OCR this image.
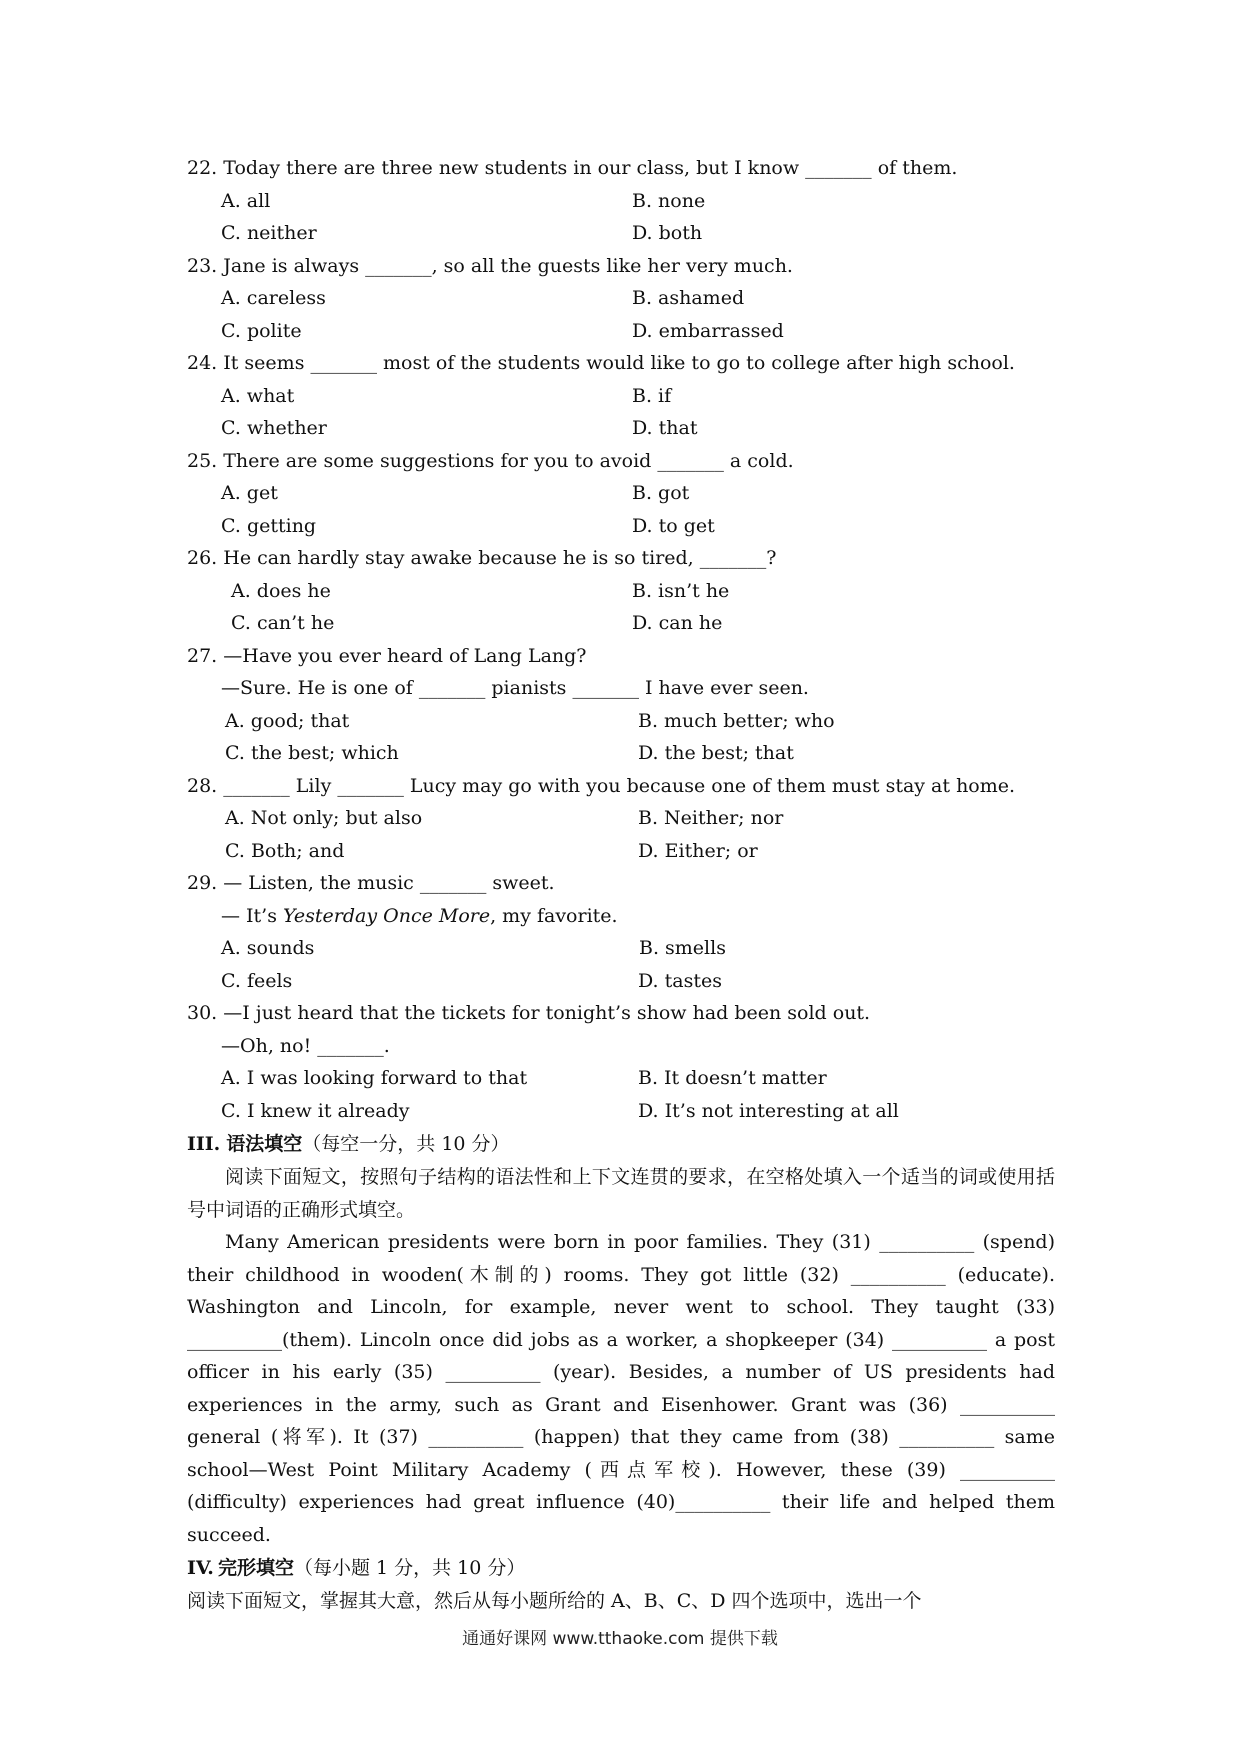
22. Today there are three new students in our class, but I know _______ of them.
A. all	B. none
C. neither	D. both
23. Jane is always _______, so all the guests like her very much.
A. careless	B. ashamed
C. polite	D. embarrassed
24. It seems _______ most of the students would like to go to college after high school.
A. what	B. if
C. whether	D. that
25. There are some suggestions for you to avoid _______ a cold.
A. get	B. got
C. getting	D. to get
26. He can hardly stay awake because he is so tired, _______?
A. does he	B. isn’t he
C. can’t he	D. can he
27. —Have you ever heard of Lang Lang?
—Sure. He is one of _______ pianists _______ I have ever seen.
A. good; that	B. much better; who
C. the best; which	D. the best; that
28. _______ Lily _______ Lucy may go with you because one of them must stay at home.
A. Not only; but also	B. Neither; nor
C. Both; and	D. Either; or
29. — Listen, the music _______ sweet.
— It’s Yesterday Once More, my favorite.
A. sounds	B. smells
C. feels	D. tastes
30. —I just heard that the tickets for tonight’s show had been sold out.
—Oh, no! _______.
A. I was looking forward to that	B. It doesn’t matter
C. I knew it already	D. It’s not interesting at all
III. 语法填空（每空一分，共 10 分）
阅读下面短文，按照句子结构的语法性和上下文连贯的要求，在空格处填入一个适当的词或使用括号中词语的正确形式填空。
Many American presidents were born in poor families. They (31) __________ (spend) their childhood in wooden(木制的) rooms. They got little (32) __________ (educate). Washington and Lincoln, for example, never went to school. They taught (33) __________(them). Lincoln once did jobs as a worker, a shopkeeper (34) __________ a post officer in his early (35) __________ (year). Besides, a number of US presidents had experiences in the army, such as Grant and Eisenhower. Grant was (36) __________ general (将军). It (37) __________ (happen) that they came from (38) __________ same school—West Point Military Academy (西点军校). However, these (39) __________ (difficulty) experiences had great influence (40)__________ their life and helped them succeed.
IV. 完形填空（每小题 1 分，共 10 分）
阅读下面短文，掌握其大意，然后从每小题所给的 A、B、C、D 四个选项中，选出一个
通通好课网 www.tthaoke.com 提供下载
